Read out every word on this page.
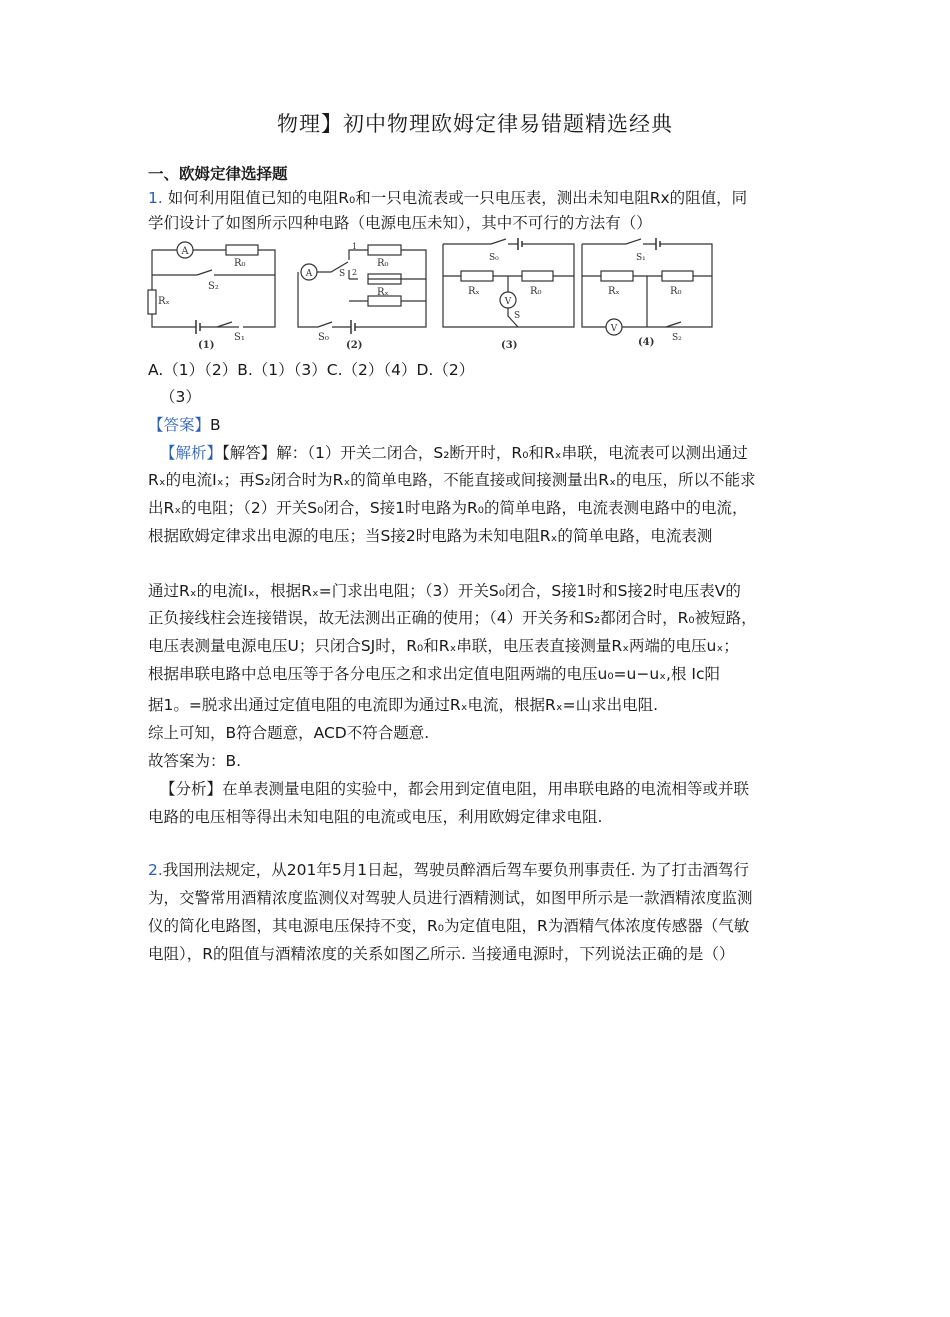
物理】初中物理欧姆定律易错题精选经典
一、欧姆定律选择题
1. 如何利用阻值已知的电阻R₀和一只电流表或一只电压表，测出未知电阻Rx的阻值，同
学们设计了如图所示四种电路（电源电压未知），其中不可行的方法有（）
A
R₀
Rₓ
S₂
S₁
(1)
A	S
1
2
R₀
Rₓ
S₀
(2)
V
S₀
Rₓ	R₀
S
(3)
V
S₁
Rₓ	R₀
S₂
(4)
A.（1）（2）B.（1）（3）C.（2）（4）D.（2）
（3）
【答案】B
【解析】【解答】解：（1）开关二闭合，S₂断开时，R₀和Rₓ串联，电流表可以测出通过
Rₓ的电流Iₓ；再S₂闭合时为Rₓ的简单电路，不能直接或间接测量出Rₓ的电压，所以不能求
出Rₓ的电阻；（2）开关S₀闭合，S接1时电路为R₀的简单电路，电流表测电路中的电流，
根据欧姆定律求出电源的电压；当S接2时电路为未知电阻Rₓ的简单电路，电流表测
通过Rₓ的电流Iₓ，根据Rₓ=门求出电阻；（3）开关S₀闭合，S接1时和S接2时电压表V的
正负接线柱会连接错误，故无法测出正确的使用；（4）开关务和S₂都闭合时，R₀被短路，
电压表测量电源电压U；只闭合SJ时，R₀和Rₓ串联，电压表直接测量Rₓ两端的电压uₓ；
根据串联电路中总电压等于各分电压之和求出定值电阻两端的电压u₀=u−uₓ,根 Ic阳
据1。=脱求出通过定值电阻的电流即为通过Rₓ电流，根据Rₓ=山求出电阻.
综上可知，B符合题意，ACD不符合题意.
故答案为：B.
【分析】在单表测量电阻的实验中，都会用到定值电阻，用串联电路的电流相等或并联
电路的电压相等得出未知电阻的电流或电压，利用欧姆定律求电阻.
2.我国刑法规定，从201年5月1日起，驾驶员醉酒后驾车要负刑事责任. 为了打击酒驾行
为，交警常用酒精浓度监测仪对驾驶人员进行酒精测试，如图甲所示是一款酒精浓度监测
仪的简化电路图，其电源电压保持不变，R₀为定值电阻，R为酒精气体浓度传感器（气敏
电阻），R的阻值与酒精浓度的关系如图乙所示. 当接通电源时，下列说法正确的是（）
